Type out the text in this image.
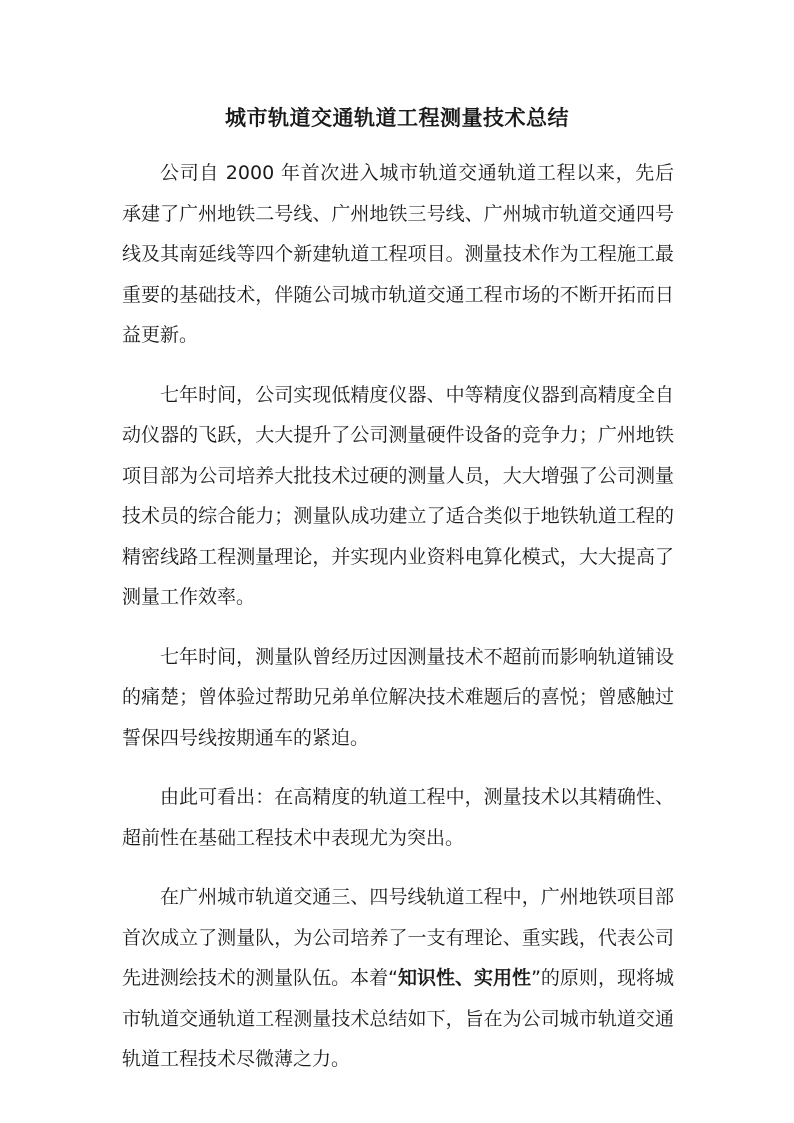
城市轨道交通轨道工程测量技术总结

公司自 2000 年首次进入城市轨道交通轨道工程以来，先后承建了广州地铁二号线、广州地铁三号线、广州城市轨道交通四号线及其南延线等四个新建轨道工程项目。测量技术作为工程施工最重要的基础技术，伴随公司城市轨道交通工程市场的不断开拓而日益更新。

七年时间，公司实现低精度仪器、中等精度仪器到高精度全自动仪器的飞跃，大大提升了公司测量硬件设备的竞争力；广州地铁项目部为公司培养大批技术过硬的测量人员，大大增强了公司测量技术员的综合能力；测量队成功建立了适合类似于地铁轨道工程的精密线路工程测量理论，并实现内业资料电算化模式，大大提高了测量工作效率。

七年时间，测量队曾经历过因测量技术不超前而影响轨道铺设的痛楚；曾体验过帮助兄弟单位解决技术难题后的喜悦；曾感触过誓保四号线按期通车的紧迫。

由此可看出：在高精度的轨道工程中，测量技术以其精确性、超前性在基础工程技术中表现尤为突出。

在广州城市轨道交通三、四号线轨道工程中，广州地铁项目部首次成立了测量队，为公司培养了一支有理论、重实践，代表公司先进测绘技术的测量队伍。本着“知识性、实用性”的原则，现将城市轨道交通轨道工程测量技术总结如下，旨在为公司城市轨道交通轨道工程技术尽微薄之力。
